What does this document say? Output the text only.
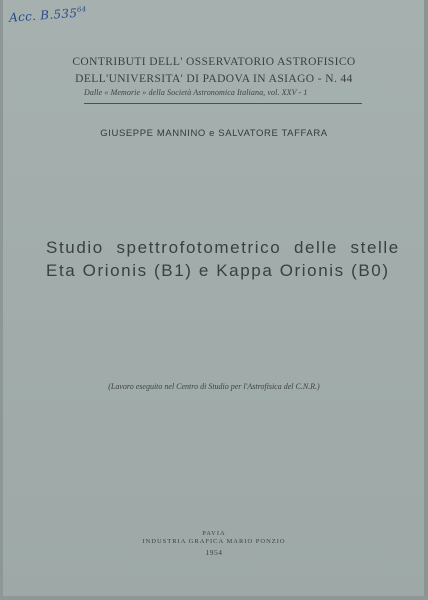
Acc. B.535$^{64}$
CONTRIBUTI DELL' OSSERVATORIO ASTROFISICO
DELL'UNIVERSITA' DI PADOVA IN ASIAGO - N. 44
Dalle « Memorie » della Società Astronomica Italiana, vol. XXV - 1
GIUSEPPE MANNINO e SALVATORE TAFFARA
Studio  spettrofotometrico  delle  stelle
Eta Orionis (B1) e Kappa Orionis (B0)
(Lavoro eseguito nel Centro di Studio per l'Astrofisica del C.N.R.)
PAVIA
INDUSTRIA GRAFICA MARIO PONZIO
1954
